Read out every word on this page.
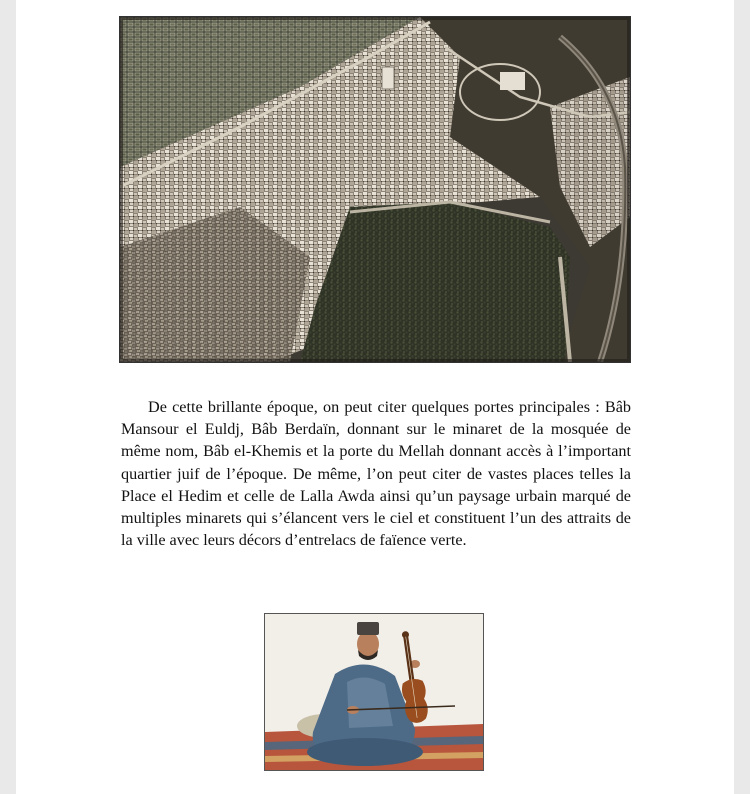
De cette brillante époque, on peut citer quelques portes principales : Bâb Mansour el Euldj, Bâb Berdaïn, donnant sur le minaret de la mosquée de même nom, Bâb el-Khemis et la porte du Mellah donnant accès à l’important quartier juif de l’époque. De même, l’on peut citer de vastes places telles la Place el Hedim et celle de Lalla Awda ainsi qu’un paysage urbain marqué de multiples minarets qui s’élancent vers le ciel et constituent l’un des attraits de la ville avec leurs décors d’entrelacs de faïence verte.
